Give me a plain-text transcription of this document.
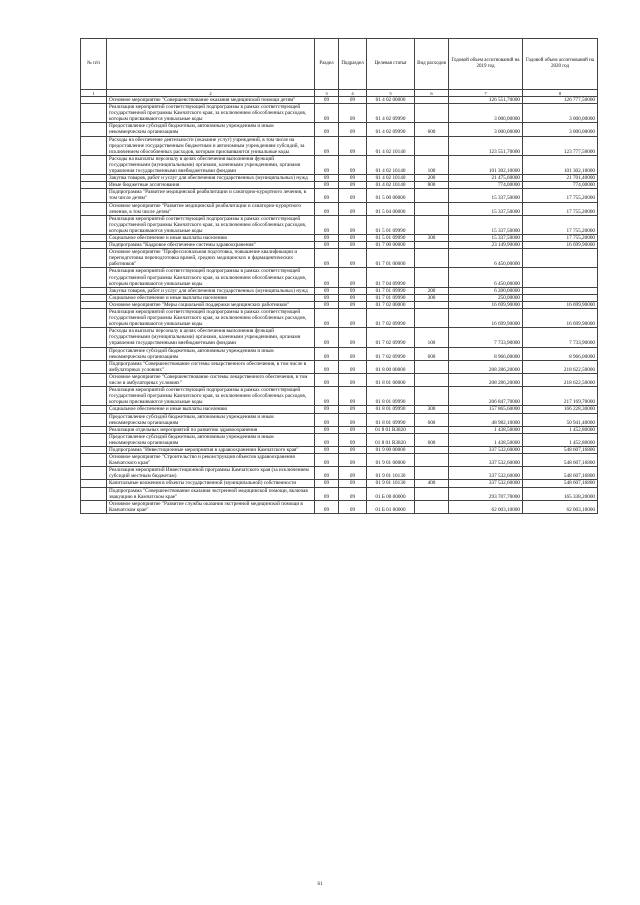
№ п/п		Раздел	Подраздел	Целевая статья	Вид расходов	Годовой объем ассигнований на 2019 год	Годовой объем ассигнований на 2020 год
1	2	3	4	5	6	7	8
	Основное мероприятие "Совершенствование оказания медицинской помощи детям"	09	09	01 4 02 00000		126 551,70000	126 777,50000
	Реализация мероприятий соответствующей подпрограммы в рамках соответствующей государственной программы Камчатского края, за исключением обособленных расходов, которым присваиваются уникальные коды	09	09	01 4 02 09990		3 000,00000	3 000,00000
	Предоставление субсидий бюджетным, автономным учреждениям и иным некоммерческим организациям	09	09	01 4 02 09990	600	3 000,00000	3 000,00000
	Расходы на обеспечение деятельности (оказание услуг) учреждений, в том числе на предоставление государственным бюджетным и автономным учреждениям субсидий, за исключением обособленных расходов, которым присваиваются уникальные коды	09	09	01 4 02 10140		123 551,70000	123 777,50000
	Расходы на выплаты персоналу в целях обеспечения выполнения функций государственными (муниципальными) органами, казенными учреждениями, органами управления государственными внебюджетными фондами	09	09	01 4 02 10140	100	101 302,10000	101 302,10000
	Закупка товаров, работ и услуг для обеспечения государственных (муниципальных) нужд	09	09	01 4 02 10140	200	21 475,60000	21 701,40000
	Иные бюджетные ассигнования	09	09	01 4 02 10140	800	774,00000	774,00000
	Подпрограмма "Развитие медицинской реабилитации и санаторно-курортного лечения, в том числе детям"	09	09	01 5 00 00000		15 337,50000	17 755,20000
	Основное мероприятие "Развитие медицинской реабилитации и санаторно-курортного лечения, в том числе детям"	09	09	01 5 04 00000		15 337,50000	17 755,20000
	Реализация мероприятий соответствующей подпрограммы в рамках соответствующей государственной программы Камчатского края, за исключением обособленных расходов, которым присваиваются уникальные коды	09	09	01 5 01 09990		15 337,50000	17 755,20000
	Социальное обеспечение и иные выплаты населению	09	09	01 5 01 09990	300	15 337,50000	17 755,20000
	Подпрограмма "Кадровое обеспечение системы здравоохранения"	09	09	01 7 00 00000		23 149,90000	16 699,90000
	Основное мероприятие "Профессиональная подготовка, повышение квалификации и переподготовка переподготовка врачей, средних медицинских и фармацевтических работников"	09	09	01 7 01 00000		6 450,00000	
	Реализация мероприятий соответствующей подпрограммы в рамках соответствующей государственной программы Камчатского края, за исключением обособленных расходов, которым присваиваются уникальные коды	09	09	01 7 04 09990		6 450,00000	
	Закупка товаров, работ и услуг для обеспечения государственных (муниципальных) нужд	09	09	01 7 01 09990	200	6 200,00000	
	Социальное обеспечение и иные выплаты населению	09	09	01 7 01 09990	300	250,00000	
	Основное мероприятие "Меры социальной поддержки медицинских работников"	09	09	01 7 02 00000		16 699,90000	16 699,90000
	Реализация мероприятий соответствующей подпрограммы в рамках соответствующей государственной программы Камчатского края, за исключением обособленных расходов, которым присваиваются уникальные коды	09	09	01 7 02 09990		16 699,90000	16 699,90000
	Расходы на выплаты персоналу в целях обеспечения выполнения функций государственными (муниципальными) органами, казенными учреждениями, органами управления государственными внебюджетными фондами	09	09	01 7 02 09990	100	7 733,90000	7 733,90000
	Предоставление субсидий бюджетным, автономным учреждениям и иным некоммерческим организациям	09	09	01 7 02 09990	600	8 966,00000	8 966,00000
	Подпрограмма "Совершенствование системы лекарственного обеспечения, в том числе в амбулаторных условиях"	09	09	01 8 00 00000		208 286,20000	218 622,50000
	Основное мероприятие "Совершенствование системы лекарственного обеспечения, в том числе в амбулаторных условиях"	09	09	01 8 01 00000		208 286,20000	218 622,50000
	Реализация мероприятий соответствующей подпрограммы в рамках соответствующей государственной программы Камчатского края, за исключением обособленных расходов, которым присваиваются уникальные коды	09	09	01 8 01 09990		206 847,70000	217 169,70000
	Социальное обеспечение и иные выплаты населению	09	09	01 8 01 09990	300	157 865,60000	166 228,30000
	Предоставление субсидий бюджетным, автономным учреждениям и иным некоммерческим организациям	09	09	01 8 01 09990	600	48 982,10000	50 941,40000
	Реализация отдельных мероприятий по развитию здравоохранения	09	09	01 8 01 R3820		1 438,50000	1 452,80000
	Предоставление субсидий бюджетным, автономным учреждениям и иным некоммерческим организациям	09	09	01 8 01 R3820	600	1 438,50000	1 452,80000
	Подпрограмма "Инвестиционные мероприятия в здравоохранении Камчатского края"	09	09	01 9 00 00000		337 532,60000	548 607,16800
	Основное мероприятие "Строительство и реконструкция объектов здравоохранения Камчатского края"	09	09	01 9 01 00000		337 532,60000	548 607,16800
	Реализация мероприятий Инвестиционной программы Камчатского края (за исключением субсидий местным бюджетам)	09	09	01 9 01 10130		337 532,60000	548 607,16800
	Капитальные вложения в объекты государственной (муниципальной) собственности	09	09	01 9 01 10130	400	337 532,60000	548 607,16800
	Подпрограмма "Совершенствование оказания экстренной медицинской помощи, включая эвакуацию в Камчатском крае"	09	09	01 Б 00 00000		293 707,70000	165 338,20000
	Основное мероприятие "Развитие службы оказания экстренной медицинской помощи в Камчатском крае"	09	09	01 Б 01 00000		62 003,10000	62 003,10000
61
